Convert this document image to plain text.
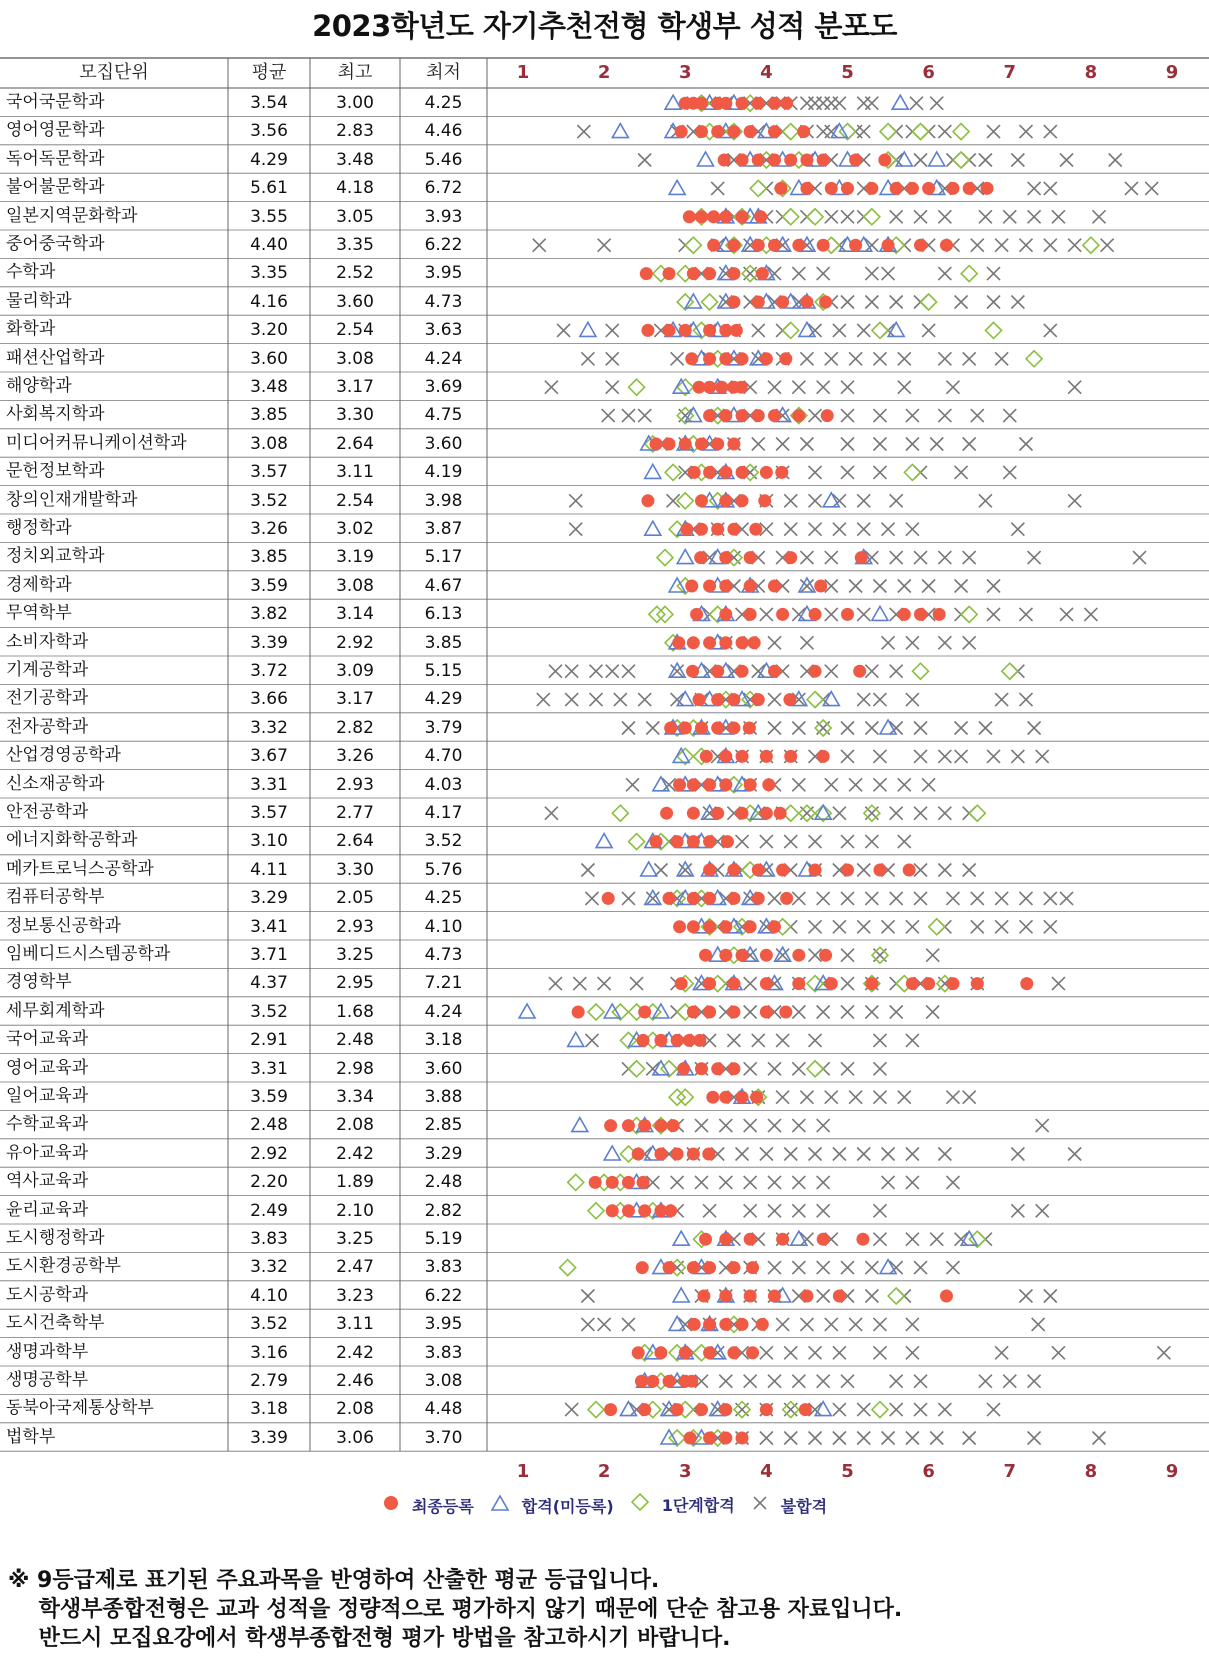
2023학년도 자기추천전형 학생부 성적 분포도
모집단위	평균	최고	최저
국어국문학과	3.54	3.00	4.25
영어영문학과	3.56	2.83	4.46
독어독문학과	4.29	3.48	5.46
불어불문학과	5.61	4.18	6.72
일본지역문화학과	3.55	3.05	3.93
중어중국학과	4.40	3.35	6.22
수학과	3.35	2.52	3.95
물리학과	4.16	3.60	4.73
화학과	3.20	2.54	3.63
패션산업학과	3.60	3.08	4.24
해양학과	3.48	3.17	3.69
사회복지학과	3.85	3.30	4.75
미디어커뮤니케이션학과	3.08	2.64	3.60
문헌정보학과	3.57	3.11	4.19
창의인재개발학과	3.52	2.54	3.98
행정학과	3.26	3.02	3.87
정치외교학과	3.85	3.19	5.17
경제학과	3.59	3.08	4.67
무역학부	3.82	3.14	6.13
소비자학과	3.39	2.92	3.85
기계공학과	3.72	3.09	5.15
전기공학과	3.66	3.17	4.29
전자공학과	3.32	2.82	3.79
산업경영공학과	3.67	3.26	4.70
신소재공학과	3.31	2.93	4.03
안전공학과	3.57	2.77	4.17
에너지화학공학과	3.10	2.64	3.52
메카트로닉스공학과	4.11	3.30	5.76
컴퓨터공학부	3.29	2.05	4.25
정보통신공학과	3.41	2.93	4.10
임베디드시스템공학과	3.71	3.25	4.73
경영학부	4.37	2.95	7.21
세무회계학과	3.52	1.68	4.24
국어교육과	2.91	2.48	3.18
영어교육과	3.31	2.98	3.60
일어교육과	3.59	3.34	3.88
수학교육과	2.48	2.08	2.85
유아교육과	2.92	2.42	3.29
역사교육과	2.20	1.89	2.48
윤리교육과	2.49	2.10	2.82
도시행정학과	3.83	3.25	5.19
도시환경공학부	3.32	2.47	3.83
도시공학과	4.10	3.23	6.22
도시건축학부	3.52	3.11	3.95
생명과학부	3.16	2.42	3.83
생명공학부	2.79	2.46	3.08
동북아국제통상학부	3.18	2.08	4.48
법학부	3.39	3.06	3.70
1
1
2
2
3
3
4
4
5
5
6
6
7
7
8
8
9
9
최종등록	합격(미등록)	1단계합격	불합격
※ 9등급제로 표기된 주요과목을 반영하여 산출한 평균 등급입니다.
학생부종합전형은 교과 성적을 정량적으로 평가하지 않기 때문에 단순 참고용 자료입니다.
반드시 모집요강에서 학생부종합전형 평가 방법을 참고하시기 바랍니다.
